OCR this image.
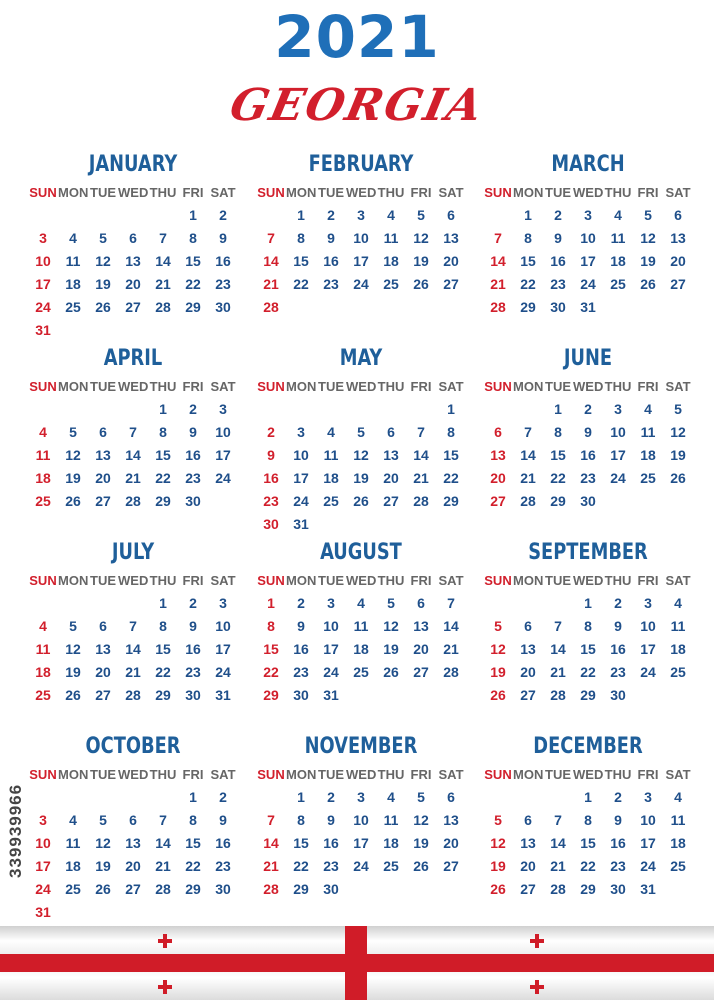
2021
GEORGIA
JANUARY
SUN	MON	TUE	WED	THU	FRI	SAT
					1	2
3	4	5	6	7	8	9
10	11	12	13	14	15	16
17	18	19	20	21	22	23
24	25	26	27	28	29	30
31						
FEBRUARY
SUN	MON	TUE	WED	THU	FRI	SAT
	1	2	3	4	5	6
7	8	9	10	11	12	13
14	15	16	17	18	19	20
21	22	23	24	25	26	27
28						
MARCH
SUN	MON	TUE	WED	THU	FRI	SAT
	1	2	3	4	5	6
7	8	9	10	11	12	13
14	15	16	17	18	19	20
21	22	23	24	25	26	27
28	29	30	31			
APRIL
SUN	MON	TUE	WED	THU	FRI	SAT
				1	2	3
4	5	6	7	8	9	10
11	12	13	14	15	16	17
18	19	20	21	22	23	24
25	26	27	28	29	30	
MAY
SUN	MON	TUE	WED	THU	FRI	SAT
						1
2	3	4	5	6	7	8
9	10	11	12	13	14	15
16	17	18	19	20	21	22
23	24	25	26	27	28	29
30	31					
JUNE
SUN	MON	TUE	WED	THU	FRI	SAT
		1	2	3	4	5
6	7	8	9	10	11	12
13	14	15	16	17	18	19
20	21	22	23	24	25	26
27	28	29	30			
JULY
SUN	MON	TUE	WED	THU	FRI	SAT
				1	2	3
4	5	6	7	8	9	10
11	12	13	14	15	16	17
18	19	20	21	22	23	24
25	26	27	28	29	30	31
AUGUST
SUN	MON	TUE	WED	THU	FRI	SAT
1	2	3	4	5	6	7
8	9	10	11	12	13	14
15	16	17	18	19	20	21
22	23	24	25	26	27	28
29	30	31				
SEPTEMBER
SUN	MON	TUE	WED	THU	FRI	SAT
			1	2	3	4
5	6	7	8	9	10	11
12	13	14	15	16	17	18
19	20	21	22	23	24	25
26	27	28	29	30		
OCTOBER
SUN	MON	TUE	WED	THU	FRI	SAT
					1	2
3	4	5	6	7	8	9
10	11	12	13	14	15	16
17	18	19	20	21	22	23
24	25	26	27	28	29	30
31						
NOVEMBER
SUN	MON	TUE	WED	THU	FRI	SAT
	1	2	3	4	5	6
7	8	9	10	11	12	13
14	15	16	17	18	19	20
21	22	23	24	25	26	27
28	29	30				
DECEMBER
SUN	MON	TUE	WED	THU	FRI	SAT
			1	2	3	4
5	6	7	8	9	10	11
12	13	14	15	16	17	18
19	20	21	22	23	24	25
26	27	28	29	30	31	
339939966
